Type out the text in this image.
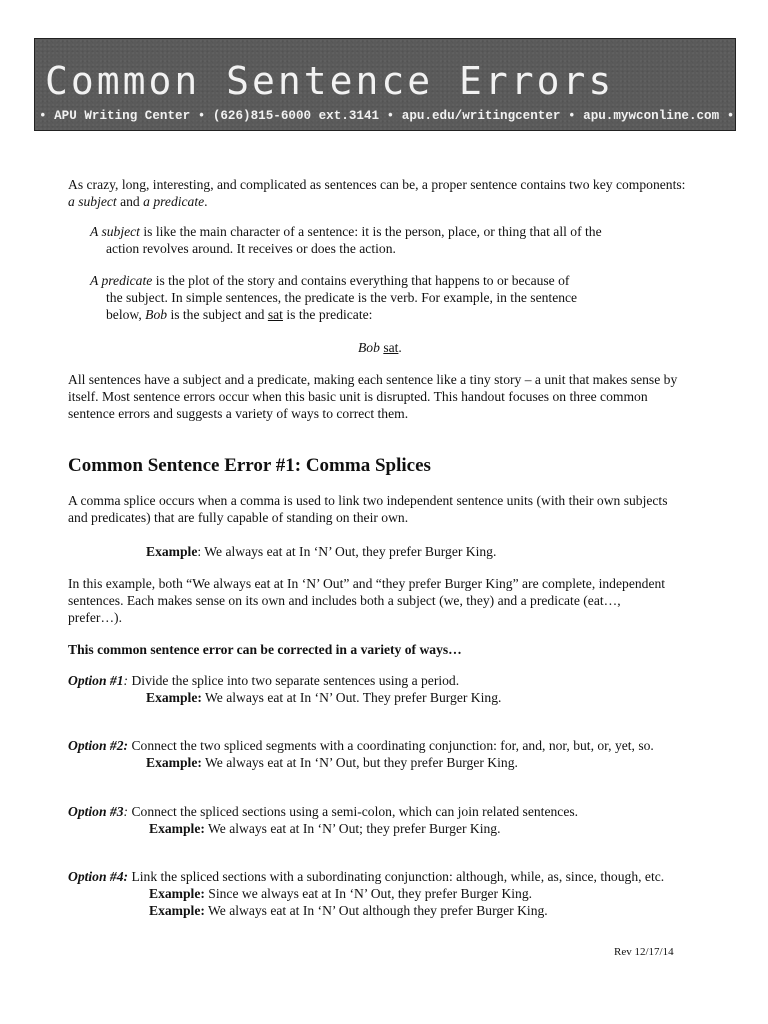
Common Sentence Errors
• APU Writing Center • (626)815-6000 ext.3141 • apu.edu/writingcenter • apu.mywconline.com •
As crazy, long, interesting, and complicated as sentences can be, a proper sentence contains two key components:
a subject and a predicate.
A subject is like the main character of a sentence: it is the person, place, or thing that all of the
action revolves around. It receives or does the action.
A predicate is the plot of the story and contains everything that happens to or because of
the subject. In simple sentences, the predicate is the verb. For example, in the sentence
below, Bob is the subject and sat is the predicate:
Bob sat.
All sentences have a subject and a predicate, making each sentence like a tiny story – a unit that makes sense by
itself. Most sentence errors occur when this basic unit is disrupted. This handout focuses on three common
sentence errors and suggests a variety of ways to correct them.
Common Sentence Error #1: Comma Splices
A comma splice occurs when a comma is used to link two independent sentence units (with their own subjects
and predicates) that are fully capable of standing on their own.
Example: We always eat at In ‘N’ Out, they prefer Burger King.
In this example, both “We always eat at In ‘N’ Out” and “they prefer Burger King” are complete, independent
sentences. Each makes sense on its own and includes both a subject (we, they) and a predicate (eat…,
prefer…).
This common sentence error can be corrected in a variety of ways…
Option #1: Divide the splice into two separate sentences using a period.
Example: We always eat at In ‘N’ Out. They prefer Burger King.
Option #2: Connect the two spliced segments with a coordinating conjunction: for, and, nor, but, or, yet, so.
Example: We always eat at In ‘N’ Out, but they prefer Burger King.
Option #3: Connect the spliced sections using a semi-colon, which can join related sentences.
Example: We always eat at In ‘N’ Out; they prefer Burger King.
Option #4: Link the spliced sections with a subordinating conjunction: although, while, as, since, though, etc.
Example: Since we always eat at In ‘N’ Out, they prefer Burger King.
Example: We always eat at In ‘N’ Out although they prefer Burger King.
Rev 12/17/14
